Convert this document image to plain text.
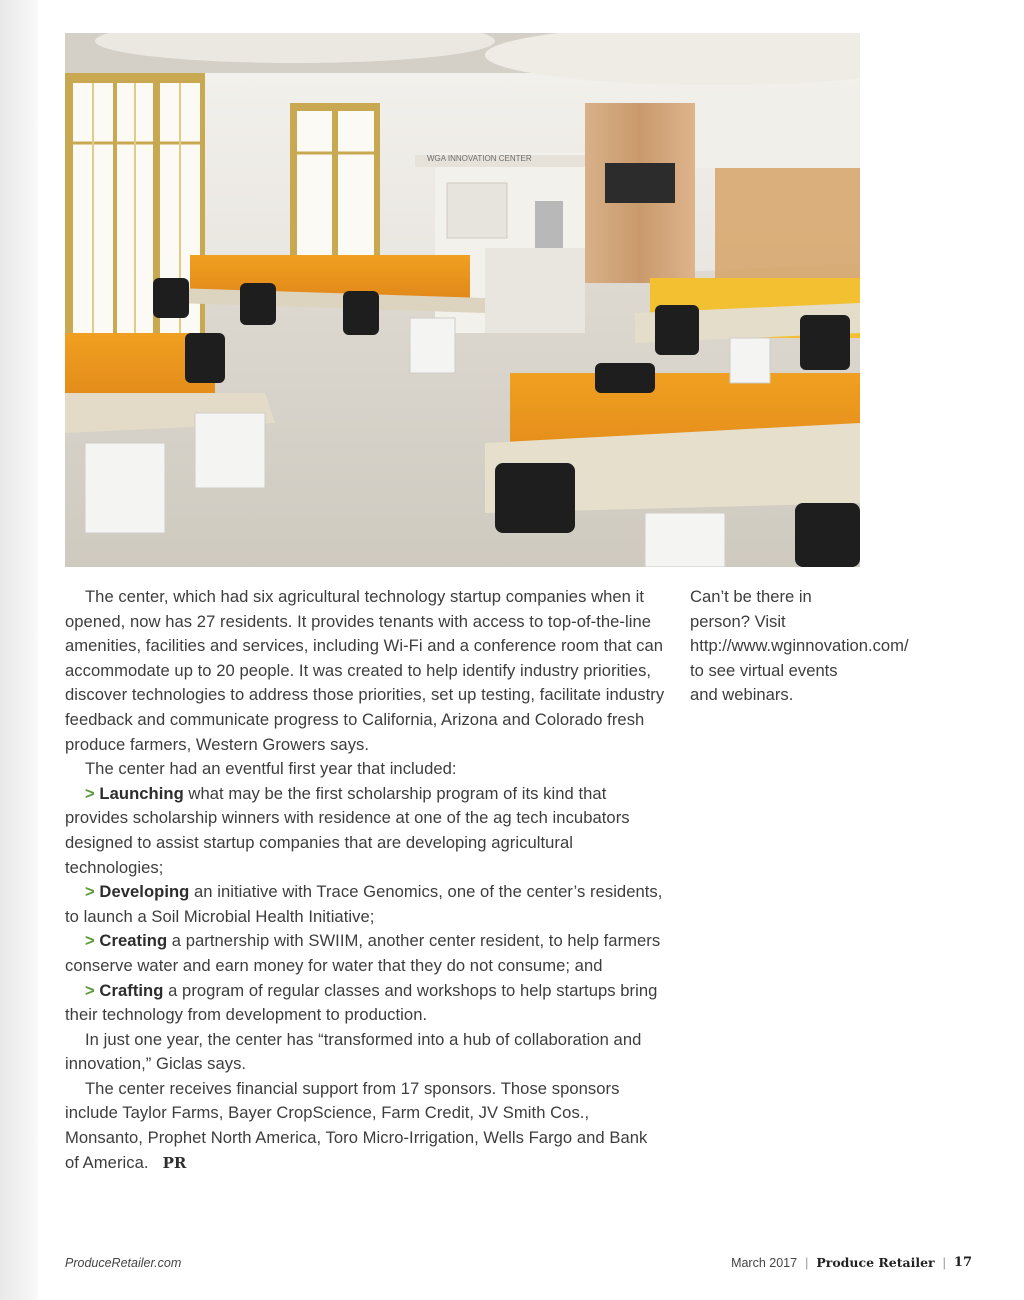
WGA INNOVATION CENTER

The center, which had six agricultural technology startup companies when it opened, now has 27 residents. It provides tenants with access to top-of-the-line amenities, facilities and services, including Wi-Fi and a conference room that can accommodate up to 20 people. It was created to help identify industry priorities, discover technologies to address those priorities, set up testing, facilitate industry feedback and communicate progress to California, Arizona and Colorado fresh produce farmers, Western Growers says.

The center had an eventful first year that included:

> Launching what may be the first scholarship program of its kind that provides scholarship winners with residence at one of the ag tech incubators designed to assist startup companies that are developing agricultural technologies;

> Developing an initiative with Trace Genomics, one of the center’s residents, to launch a Soil Microbial Health Initiative;

> Creating a partnership with SWIIM, another center resident, to help farmers conserve water and earn money for water that they do not consume; and

> Crafting a program of regular classes and workshops to help startups bring their technology from development to production.

In just one year, the center has “transformed into a hub of collaboration and innovation,” Giclas says.

The center receives financial support from 17 sponsors. Those sponsors include Taylor Farms, Bayer CropScience, Farm Credit, JV Smith Cos., Monsanto, Prophet North America, Toro Micro-Irrigation, Wells Fargo and Bank of America. PR

Can’t be there in person? Visit http://www.wginnovation.com/ to see virtual events and webinars.
ProduceRetailer.com	March 2017 | Produce Retailer | 17
